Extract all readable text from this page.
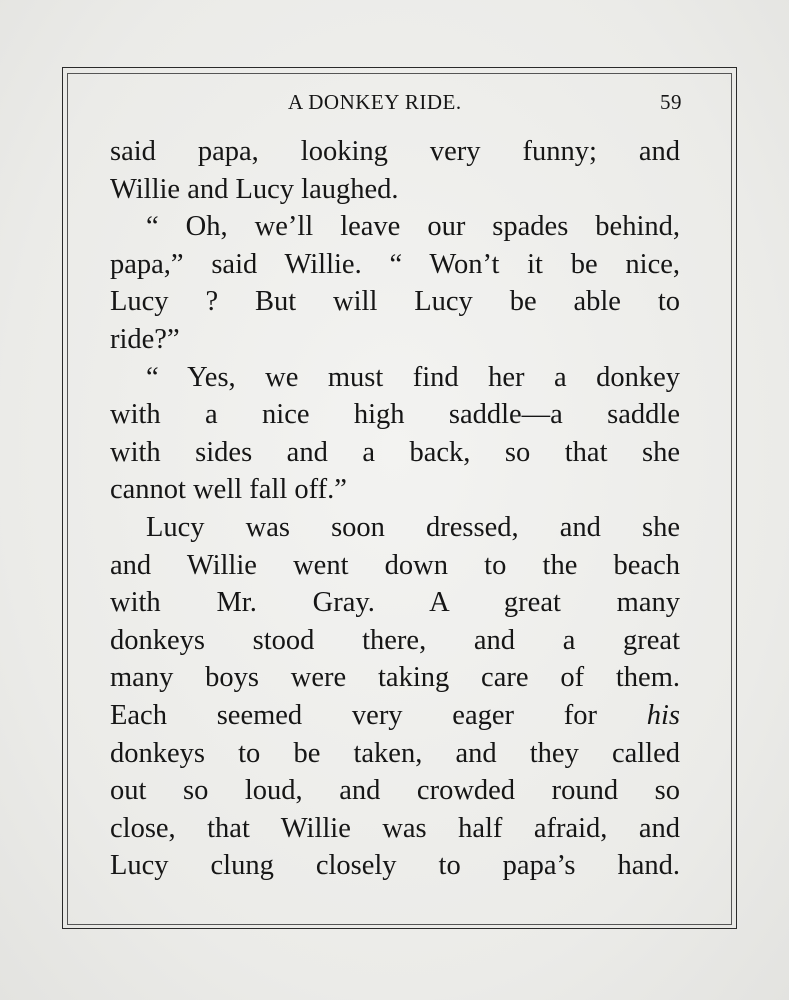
A DONKEY RIDE.	59
said papa, looking very funny; and
Willie and Lucy laughed.
“ Oh, we’ll leave our spades behind,
papa,” said Willie. “ Won’t it be nice,
Lucy ? But will Lucy be able to
ride?”
“ Yes, we must find her a donkey
with a nice high saddle—a saddle
with sides and a back, so that she
cannot well fall off.”
Lucy was soon dressed, and she
and Willie went down to the beach
with Mr. Gray. A great many
donkeys stood there, and a great
many boys were taking care of them.
Each seemed very eager for his
donkeys to be taken, and they called
out so loud, and crowded round so
close, that Willie was half afraid, and
Lucy clung closely to papa’s hand.
